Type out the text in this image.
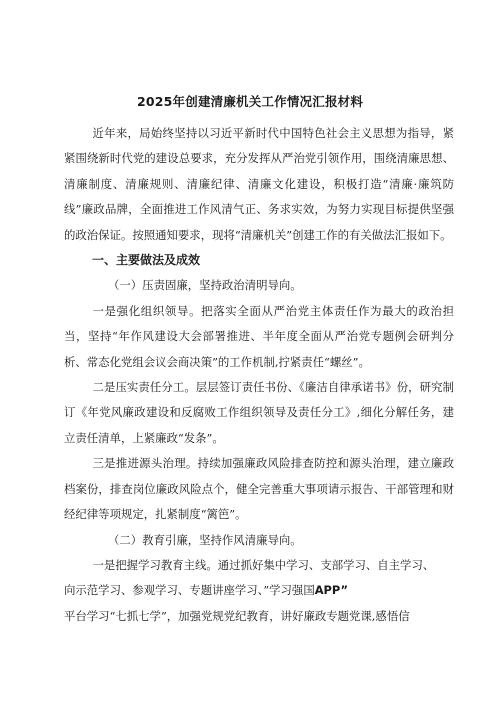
2025年创建清廉机关工作情况汇报材料

近年来，局始终坚持以习近平新时代中国特色社会主义思想为指导，紧紧围绕新时代党的建设总要求，充分发挥从严治党引领作用，围绕清廉思想、清廉制度、清廉规则、清廉纪律、清廉文化建设，积极打造“清廉·廉筑防线”廉政品牌，全面推进工作风清气正、务求实效，为努力实现目标提供坚强的政治保证。按照通知要求，现将“清廉机关”创建工作的有关做法汇报如下。

一、主要做法及成效

（一）压责固廉，坚持政治清明导向。

一是强化组织领导。把落实全面从严治党主体责任作为最大的政治担当，坚持“年作风建设大会部署推进、半年度全面从严治党专题例会研判分析、常态化党组会议会商决策”的工作机制,拧紧责任“螺丝”。

二是压实责任分工。层层签订责任书份、《廉洁自律承诺书》份，研究制订《年党风廉政建设和反腐败工作组织领导及责任分工》,细化分解任务，建立责任清单，上紧廉政“发条”。

三是推进源头治理。持续加强廉政风险排查防控和源头治理，建立廉政档案份，排查岗位廉政风险点个，健全完善重大事项请示报告、干部管理和财经纪律等项规定，扎紧制度“篱笆”。

（二）教育引廉，坚持作风清廉导向。

一是把握学习教育主线。通过抓好集中学习、支部学习、自主学习、
向示范学习、参观学习、专题讲座学习、”学习强国APP”
平台学习“七抓七学”，加强党规党纪教育，讲好廉政专题党课,感悟信
